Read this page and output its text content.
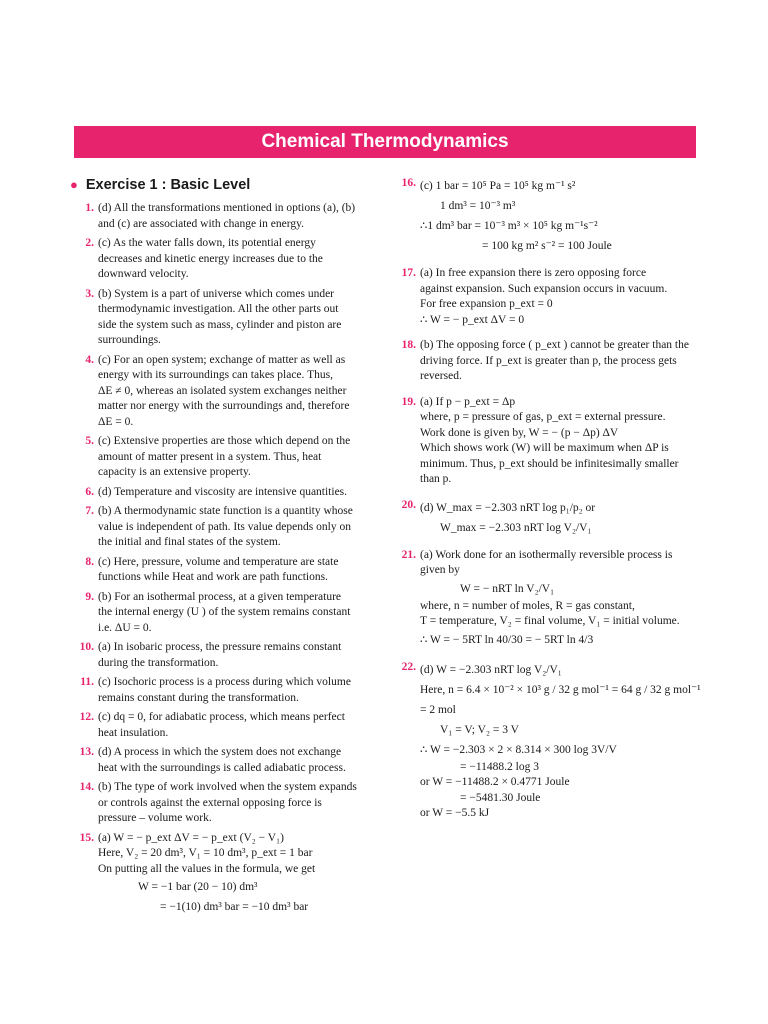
Chemical Thermodynamics
● Exercise 1 : Basic Level
1. (d) All the transformations mentioned in options (a), (b)
and (c) are associated with change in energy.
2. (c) As the water falls down, its potential energy
decreases and kinetic energy increases due to the
downward velocity.
3. (b) System is a part of universe which comes under
thermodynamic investigation. All the other parts out
side the system such as mass, cylinder and piston are
surroundings.
4. (c) For an open system; exchange of matter as well as
energy with its surroundings can takes place. Thus,
ΔE ≠ 0, whereas an isolated system exchanges neither
matter nor energy with the surroundings and, therefore
ΔE = 0.
5. (c) Extensive properties are those which depend on the
amount of matter present in a system. Thus, heat
capacity is an extensive property.
6. (d) Temperature and viscosity are intensive quantities.
7. (b) A thermodynamic state function is a quantity whose
value is independent of path. Its value depends only on
the initial and final states of the system.
8. (c) Here, pressure, volume and temperature are state
functions while Heat and work are path functions.
9. (b) For an isothermal process, at a given temperature
the internal energy (U ) of the system remains constant
i.e. ΔU = 0.
10. (a) In isobaric process, the pressure remains constant
during the transformation.
11. (c) Isochoric process is a process during which volume
remains constant during the transformation.
12. (c) dq = 0, for adiabatic process, which means perfect
heat insulation.
13. (d) A process in which the system does not exchange
heat with the surroundings is called adiabatic process.
14. (b) The type of work involved when the system expands
or controls against the external opposing force is
pressure – volume work.
15. (a) W = − p_ext ΔV = − p_ext (V₂ − V₁)
Here, V₂ = 20 dm³, V₁ = 10 dm³, p_ext = 1 bar
On putting all the values in the formula, we get
W = −1 bar (20 − 10) dm³
= −1(10) dm³ bar = −10 dm³ bar
16. (c) 1 bar = 10⁵ Pa = 10⁵ kg m⁻¹ s²
1 dm³ = 10⁻³ m³
∴1 dm³ bar = 10⁻³ m³ × 10⁵ kg m⁻¹s⁻²
= 100 kg m² s⁻² = 100 Joule
17. (a) In free expansion there is zero opposing force
against expansion. Such expansion occurs in vacuum.
For free expansion p_ext = 0
∴ W = − p_ext ΔV = 0
18. (b) The opposing force ( p_ext ) cannot be greater than the
driving force. If p_ext is greater than p, the process gets
reversed.
19. (a) If p − p_ext = Δp
where, p = pressure of gas, p_ext = external pressure.
Work done is given by, W = − (p − Δp) ΔV
Which shows work (W) will be maximum when ΔP is
minimum. Thus, p_ext should be infinitesimally smaller
than p.
20. (d) W_max = −2.303 nRT log p₁/p₂ or
W_max = −2.303 nRT log V₂/V₁
21. (a) Work done for an isothermally reversible process is
given by
W = − nRT ln V₂/V₁
where, n = number of moles, R = gas constant,
T = temperature, V₂ = final volume, V₁ = initial volume.
∴ W = − 5RT ln 40/30 = − 5RT ln 4/3
22. (d) W = −2.303 nRT log V₂/V₁
Here, n = 6.4 × 10⁻² × 10³ g / 32 g mol⁻¹ = 64 g / 32 g mol⁻¹ = 2 mol
V₁ = V; V₂ = 3 V
∴ W = −2.303 × 2 × 8.314 × 300 log 3V/V
= −11488.2 log 3
or W = −11488.2 × 0.4771 Joule
= −5481.30 Joule
or W = −5.5 kJ
